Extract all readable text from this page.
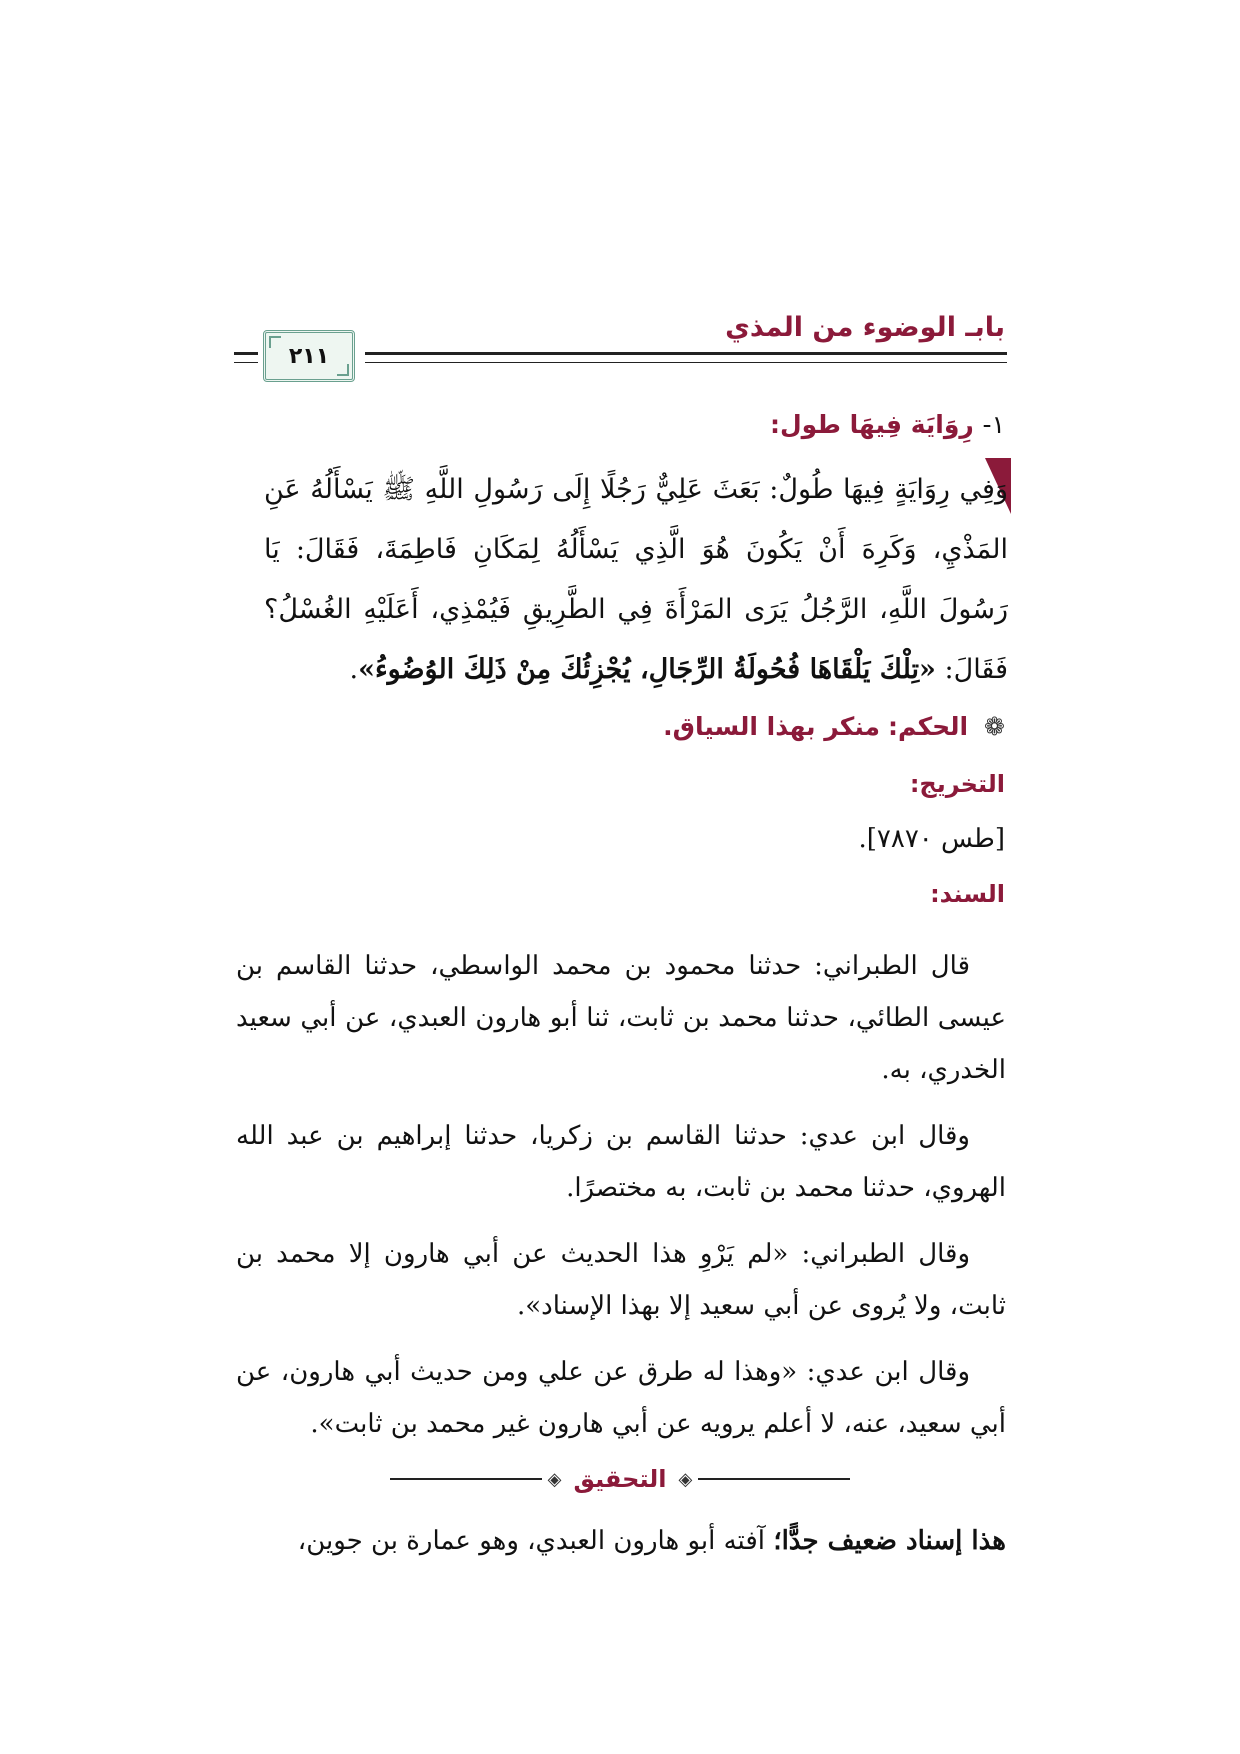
بابـ الوضوء من المذي
٢١١
١- رِوَايَة فِيهَا طول:
وَفِي رِوَايَةٍ فِيهَا طُولٌ: بَعَثَ عَلِيٌّ رَجُلًا إِلَى رَسُولِ اللَّهِ ﷺ يَسْأَلُهُ عَنِ المَذْيِ، وَكَرِهَ أَنْ يَكُونَ هُوَ الَّذِي يَسْأَلُهُ لِمَكَانِ فَاطِمَةَ، فَقَالَ: يَا رَسُولَ اللَّهِ، الرَّجُلُ يَرَى المَرْأَةَ فِي الطَّرِيقِ فَيُمْذِي، أَعَلَيْهِ الغُسْلُ؟ فَقَالَ: «تِلْكَ يَلْقَاهَا فُحُولَةُ الرِّجَالِ، يُجْزِئُكَ مِنْ ذَلِكَ الوُضُوءُ».
❁ الحكم: منكر بهذا السياق.
التخريج:
[طس ٧٨٧٠].
السند:
قال الطبراني: حدثنا محمود بن محمد الواسطي، حدثنا القاسم بن عيسى الطائي، حدثنا محمد بن ثابت، ثنا أبو هارون العبدي، عن أبي سعيد الخدري، به.
وقال ابن عدي: حدثنا القاسم بن زكريا، حدثنا إبراهيم بن عبد الله الهروي، حدثنا محمد بن ثابت، به مختصرًا.
وقال الطبراني: «لم يَرْوِ هذا الحديث عن أبي هارون إلا محمد بن ثابت، ولا يُروى عن أبي سعيد إلا بهذا الإسناد».
وقال ابن عدي: «وهذا له طرق عن علي ومن حديث أبي هارون، عن أبي سعيد، عنه، لا أعلم يرويه عن أبي هارون غير محمد بن ثابت».
◈
التحقيق
◈
هذا إسناد ضعيف جدًّا؛ آفته أبو هارون العبدي، وهو عمارة بن جوين،
